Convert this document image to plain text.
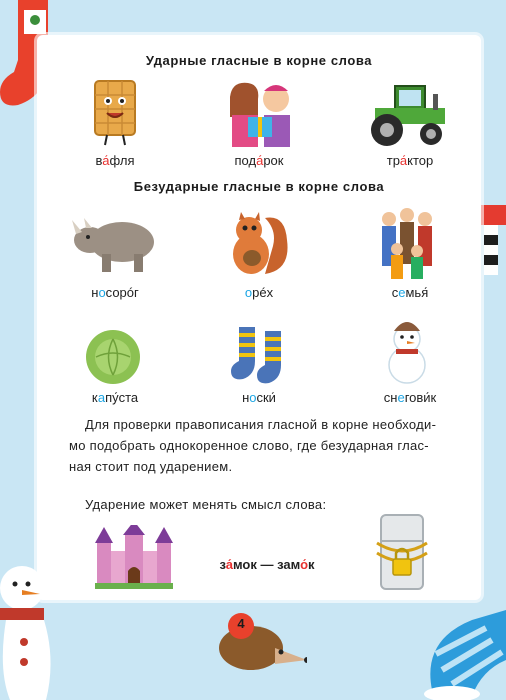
Ударные гласные в корне слова
ва́фля	пода́рок	тра́ктор
Безударные гласные в корне слова
носорóг	орéх	семья́
капу́ста	носки́	снегови́к
Для проверки правописания гласной в корне необходи-
мо подобрать однокоренное слово, где безударная глас-
ная стоит под ударением.
Ударение может менять смысл слова:
за́мок — замо́к
4
